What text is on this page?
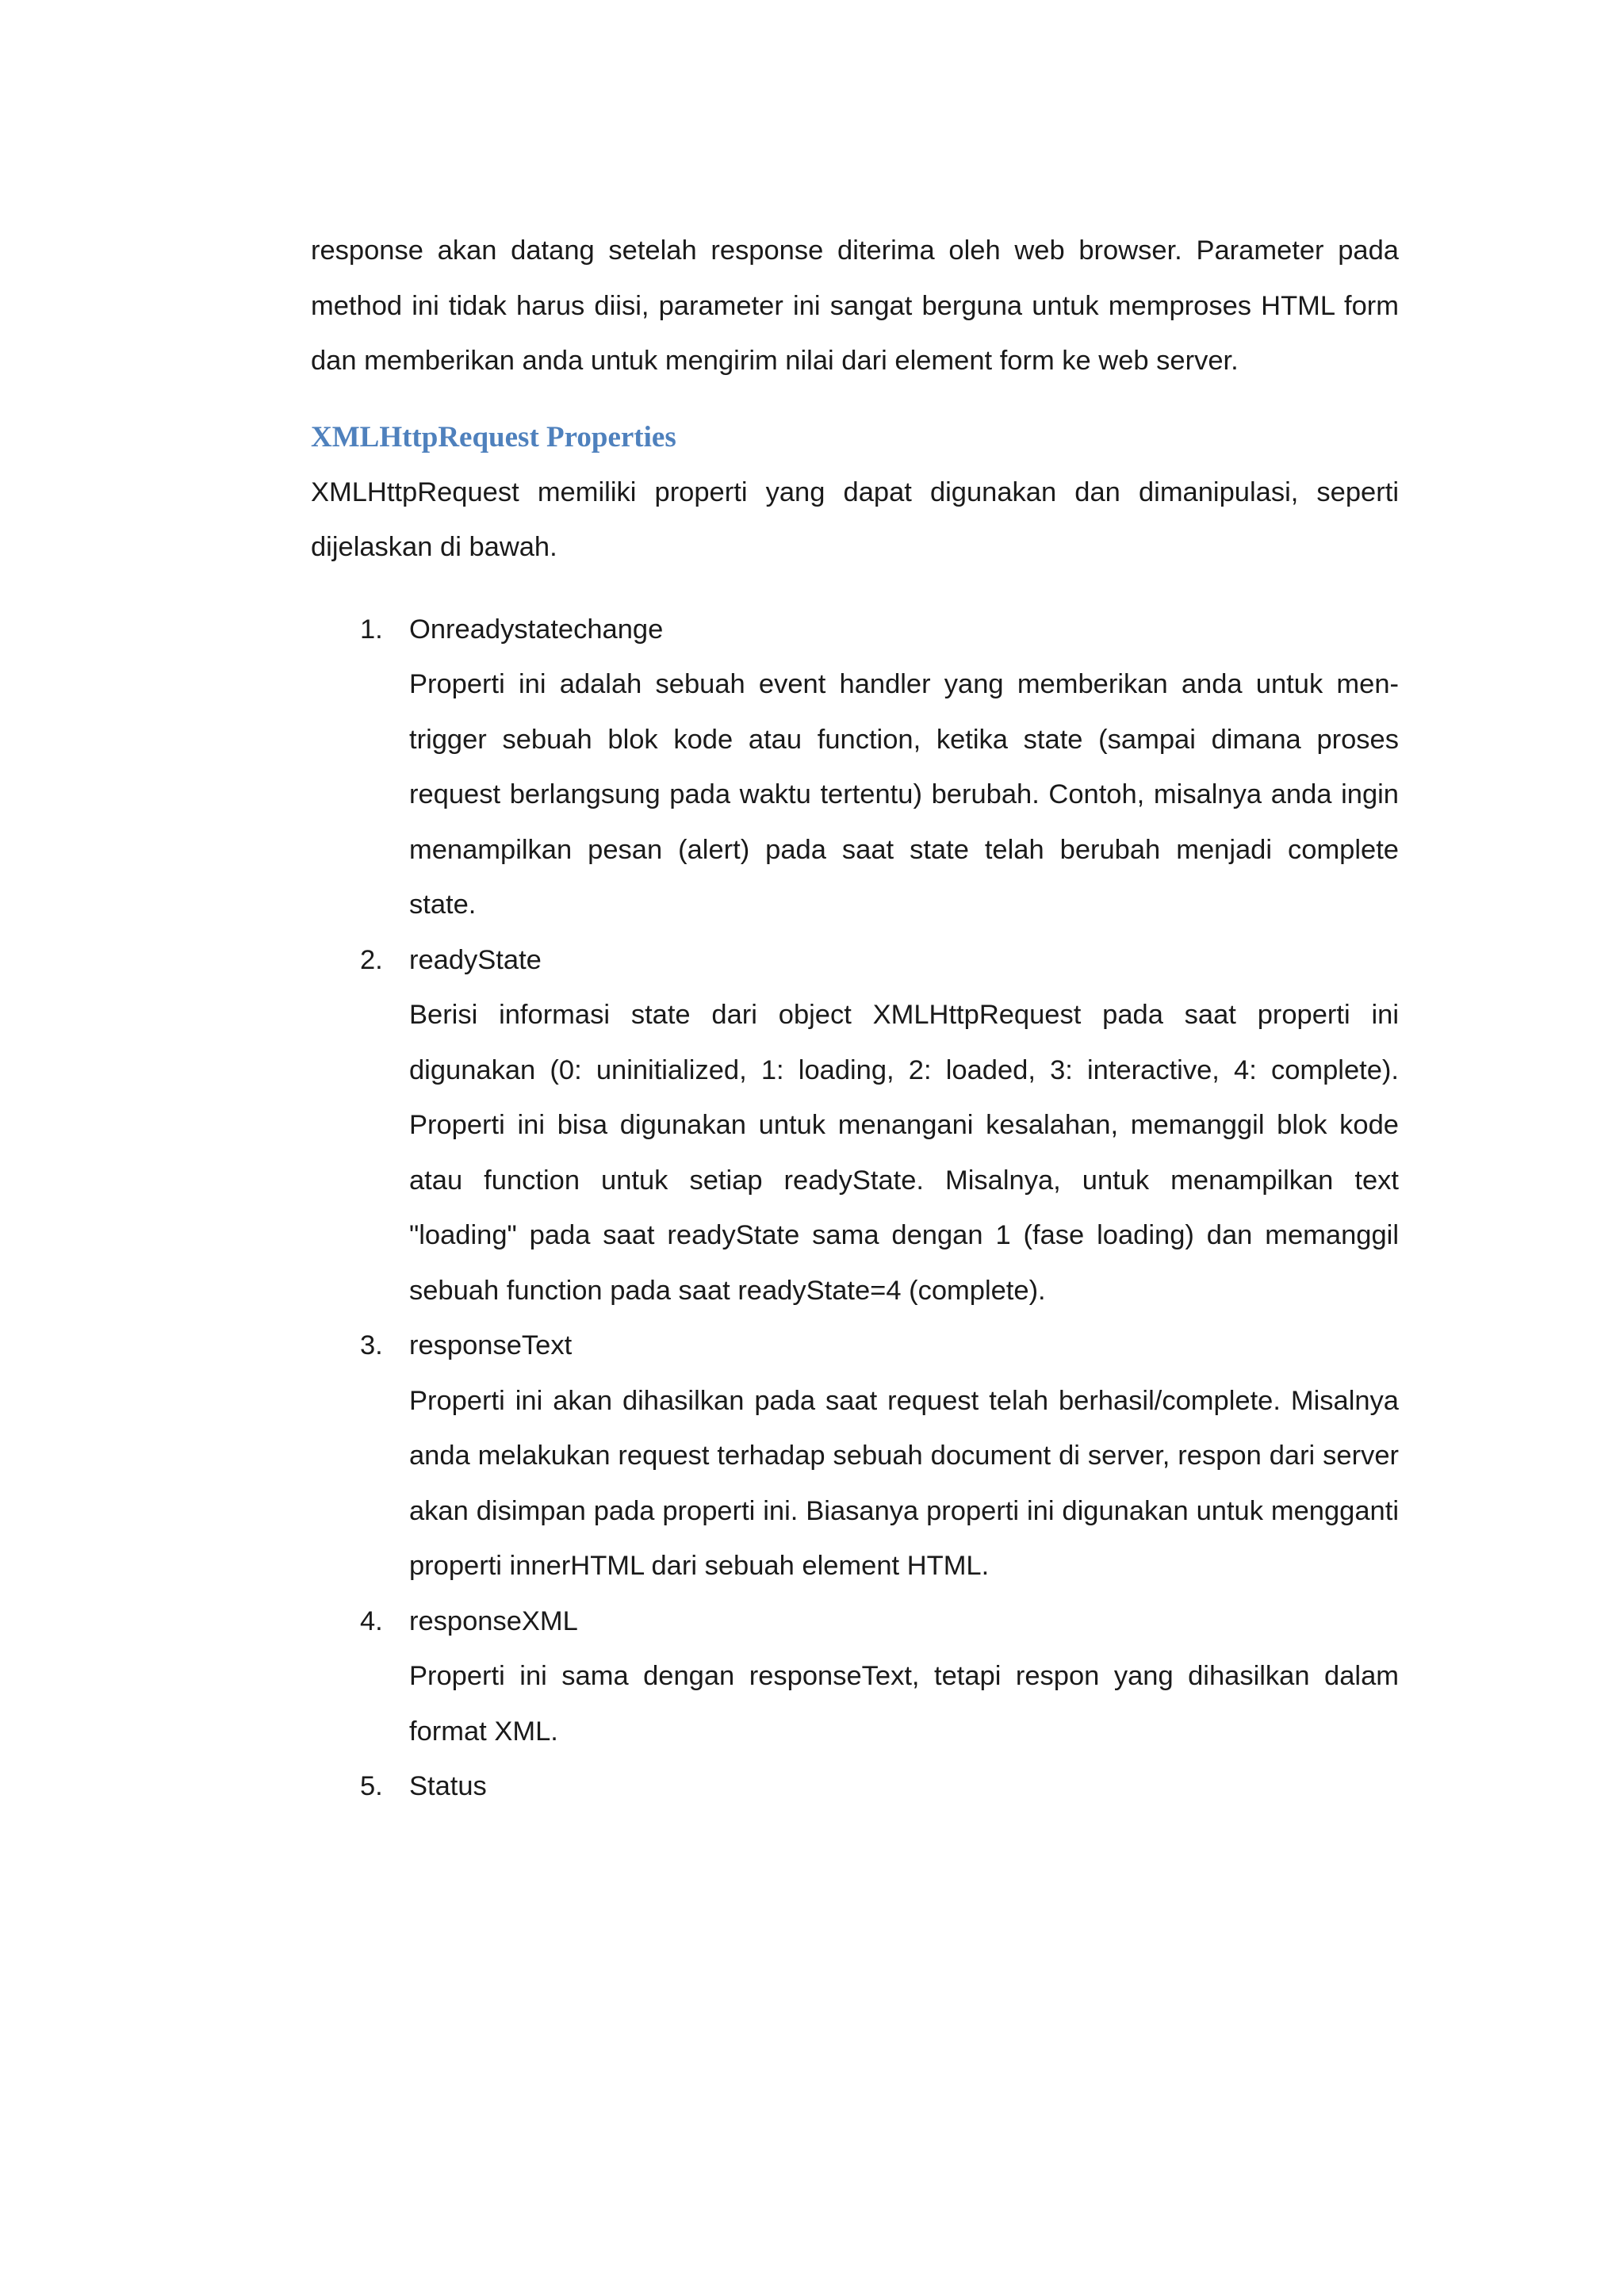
response akan datang setelah response diterima oleh web browser. Parameter pada method ini tidak harus diisi, parameter ini sangat berguna untuk memproses HTML form dan memberikan anda untuk mengirim nilai dari element form ke web server.

XMLHttpRequest Properties

XMLHttpRequest memiliki properti yang dapat digunakan dan dimanipulasi, seperti dijelaskan di bawah.

1. Onreadystatechange
Properti ini adalah sebuah event handler yang memberikan anda untuk men-trigger sebuah blok kode atau function, ketika state (sampai dimana proses request berlangsung pada waktu tertentu) berubah. Contoh, misalnya anda ingin menampilkan pesan (alert) pada saat state telah berubah menjadi complete state.
2. readyState
Berisi informasi state dari object XMLHttpRequest pada saat properti ini digunakan (0: uninitialized, 1: loading, 2: loaded, 3: interactive, 4: complete). Properti ini bisa digunakan untuk menangani kesalahan, memanggil blok kode atau function untuk setiap readyState. Misalnya, untuk menampilkan text "loading" pada saat readyState sama dengan 1 (fase loading) dan memanggil sebuah function pada saat readyState=4 (complete).
3. responseText
Properti ini akan dihasilkan pada saat request telah berhasil/complete. Misalnya anda melakukan request terhadap sebuah document di server, respon dari server akan disimpan pada properti ini. Biasanya properti ini digunakan untuk mengganti properti innerHTML dari sebuah element HTML.
4. responseXML
Properti ini sama dengan responseText, tetapi respon yang dihasilkan dalam format XML.
5. Status
